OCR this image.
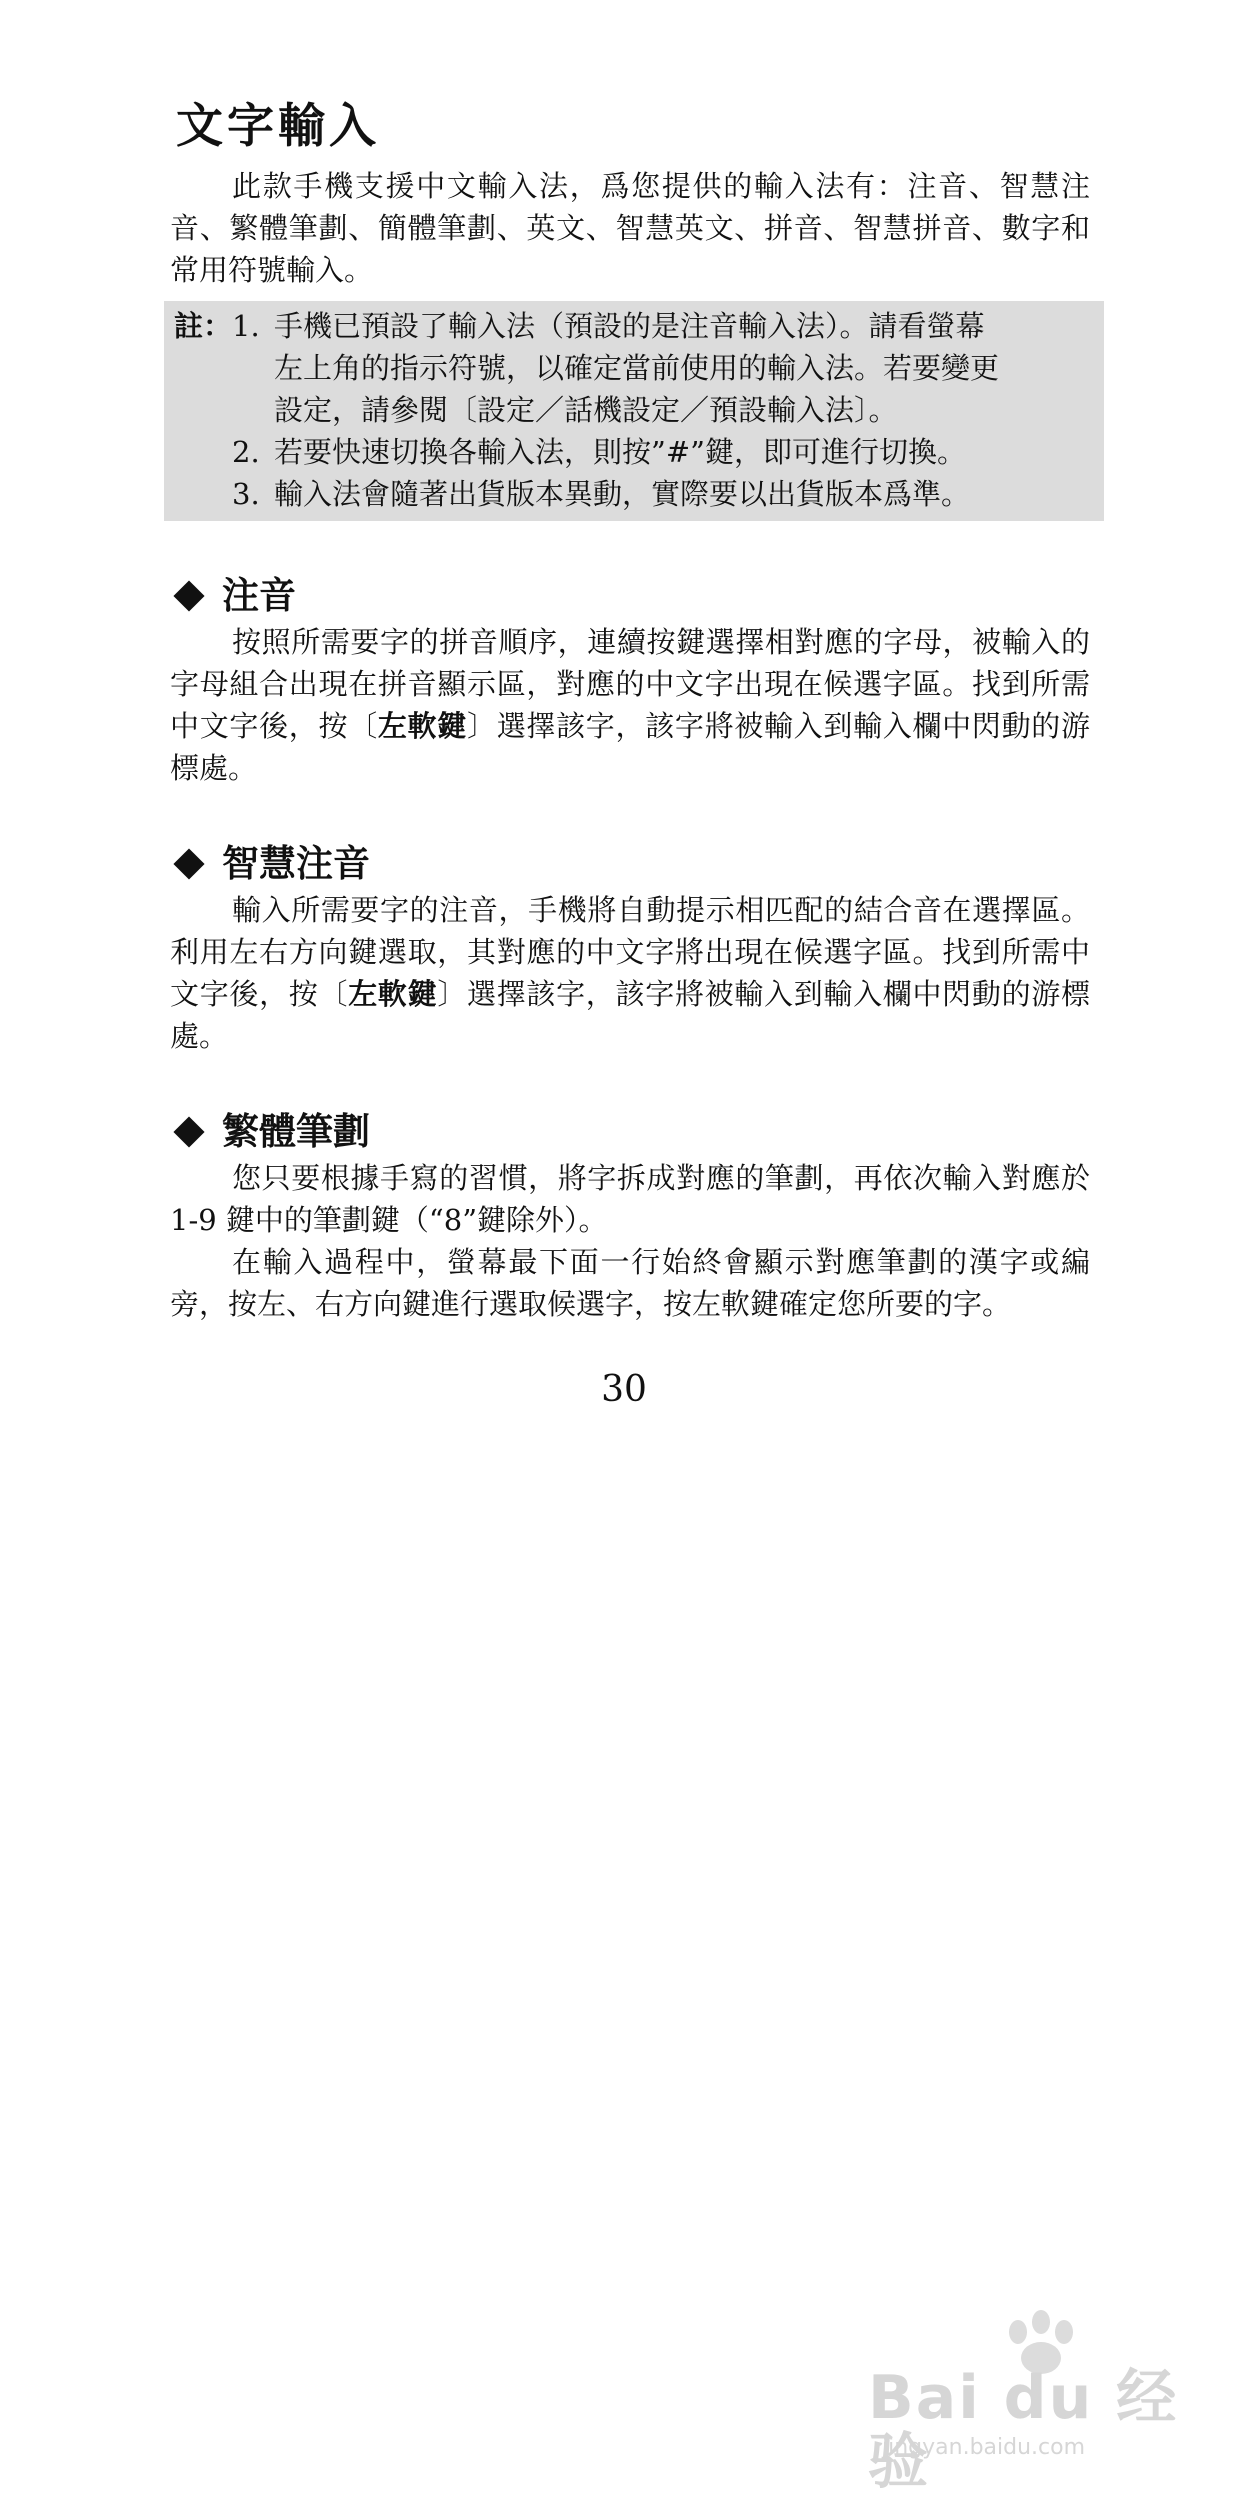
文字輸入

此款手機支援中文輸入法，爲您提供的輸入法有：注音、智慧注音、繁體筆劃、簡體筆劃、英文、智慧英文、拼音、智慧拼音、數字和常用符號輸入。

註： 1. 手機已預設了輸入法（預設的是注音輸入法）。請看螢幕
左上角的指示符號，以確定當前使用的輸入法。若要變更
設定，請參閱〔設定／話機設定／預設輸入法〕。
2. 若要快速切換各輸入法，則按”#”鍵，即可進行切換。
3. 輸入法會隨著出貨版本異動，實際要以出貨版本爲準。
注音

按照所需要字的拼音順序，連續按鍵選擇相對應的字母，被輸入的字母組合出現在拼音顯示區，對應的中文字出現在候選字區。找到所需中文字後，按〔左軟鍵〕選擇該字，該字將被輸入到輸入欄中閃動的游標處。

智慧注音

輸入所需要字的注音，手機將自動提示相匹配的結合音在選擇區。利用左右方向鍵選取，其對應的中文字將出現在候選字區。找到所需中文字後，按〔左軟鍵〕選擇該字，該字將被輸入到輸入欄中閃動的游標處。

繁體筆劃

您只要根據手寫的習慣，將字拆成對應的筆劃，再依次輸入對應於 1-9 鍵中的筆劃鍵（“8”鍵除外）。

在輸入過程中，螢幕最下面一行始終會顯示對應筆劃的漢字或編旁，按左、右方向鍵進行選取候選字，按左軟鍵確定您所要的字。

30
Bai du 经验
jingyan.baidu.com
